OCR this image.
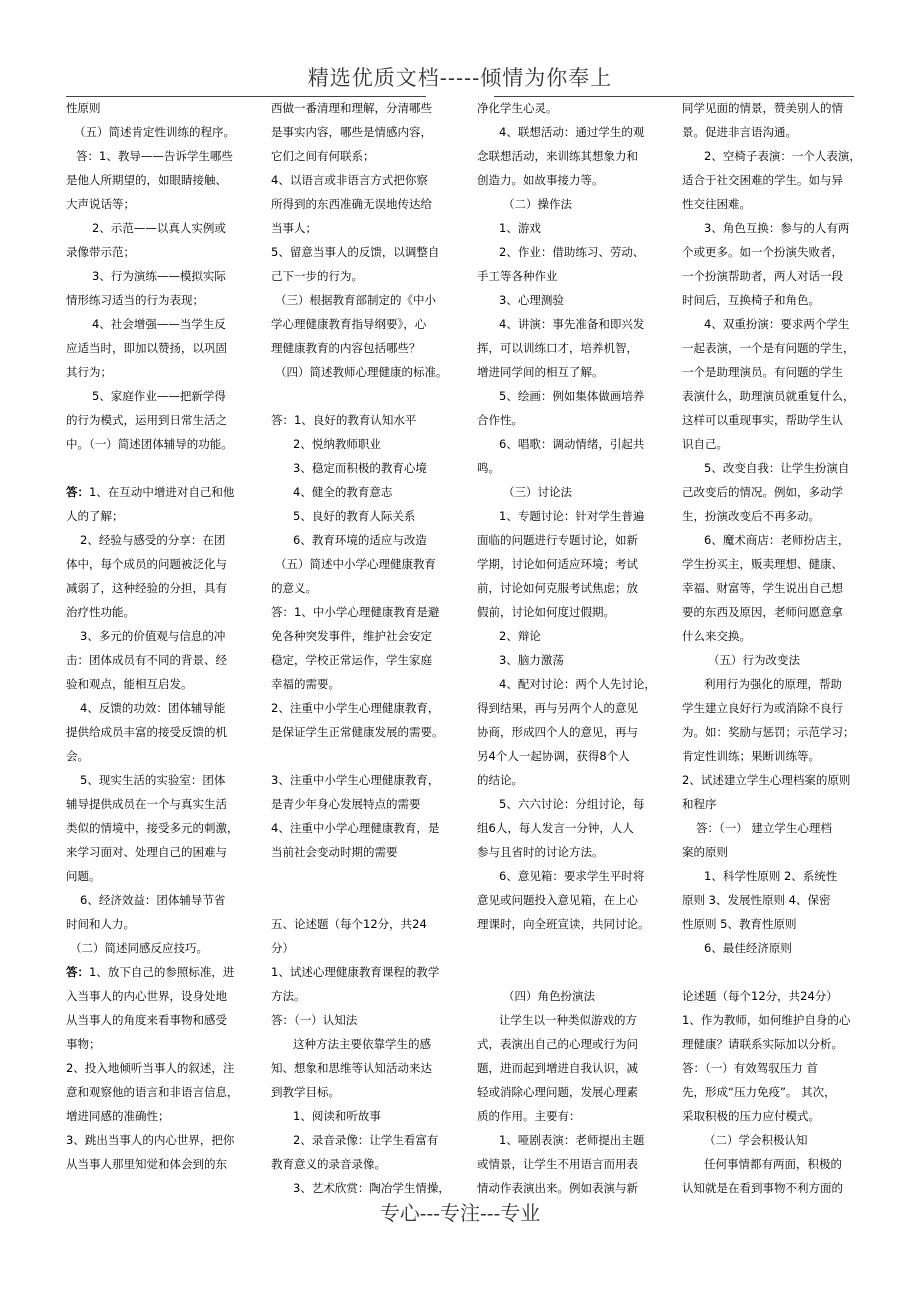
精选优质文档-----倾情为你奉上

性原则

（五）简述肯定性训练的程序。

答：1、教导——告诉学生哪些

是他人所期望的，如眼睛接触、

大声说话等；

2、示范——以真人实例或

录像带示范；

3、行为演练——模拟实际

情形练习适当的行为表现；

4、社会增强——当学生反

应适当时，即加以赞扬，以巩固

其行为；

5、家庭作业——把新学得

的行为模式，运用到日常生活之

中。（一）简述团体辅导的功能。

答：1、在互动中增进对自己和他

人的了解；

2、经验与感受的分享：在团

体中，每个成员的问题被泛化与

减弱了，这种经验的分担，具有

治疗性功能。

3、多元的价值观与信息的冲

击：团体成员有不同的背景、经

验和观点，能相互启发。

4、反馈的功效：团体辅导能

提供给成员丰富的接受反馈的机

会。

5、现实生活的实验室：团体

辅导提供成员在一个与真实生活

类似的情境中，接受多元的刺激，

来学习面对、处理自己的困难与

问题。

6、经济效益：团体辅导节省

时间和人力。

（二）简述同感反应技巧。

答：1、放下自己的参照标准，进

入当事人的内心世界，设身处地

从当事人的角度来看事物和感受

事物；

2、投入地倾听当事人的叙述，注

意和观察他的语言和非语言信息，

增进同感的准确性；

3、跳出当事人的内心世界，把你

从当事人那里知觉和体会到的东

西做一番清理和理解，分清哪些

是事实内容，哪些是情感内容，

它们之间有何联系；

4、以语言或非语言方式把你察

所得到的东西准确无误地传达给

当事人；

5、留意当事人的反馈，以调整自

己下一步的行为。

（三）根据教育部制定的《中小

学心理健康教育指导纲要》，心

理健康教育的内容包括哪些？

（四）简述教师心理健康的标准。

答：1、良好的教育认知水平

2、悦纳教师职业

3、稳定而积极的教育心境

4、健全的教育意志

5、良好的教育人际关系

6、教育环境的适应与改造

（五）简述中小学心理健康教育

的意义。

答：1、中小学心理健康教育是避

免各种突发事件，维护社会安定

稳定，学校正常运作，学生家庭

幸福的需要。

2、注重中小学生心理健康教育，

是保证学生正常健康发展的需要。

3、注重中小学生心理健康教育，

是青少年身心发展特点的需要

4、注重中小学心理健康教育，是

当前社会变动时期的需要

五、论述题（每个12分，共24

分）

1、试述心理健康教育课程的教学

方法。

答：（一）认知法

这种方法主要依靠学生的感

知、想象和思维等认知活动来达

到教学目标。

1、阅读和听故事

2、录音录像：让学生看富有

教育意义的录音录像。

3、艺术欣赏：陶冶学生情操，

净化学生心灵。

4、联想活动：通过学生的观

念联想活动，来训练其想象力和

创造力。如故事接力等。

（二）操作法

1、游戏

2、作业：借助练习、劳动、

手工等各种作业

3、心理测验

4、讲演：事先准备和即兴发

挥，可以训练口才，培养机智，

增进同学间的相互了解。

5、绘画：例如集体做画培养

合作性。

6、唱歌：调动情绪，引起共

鸣。

（三）讨论法

1、专题讨论：针对学生普遍

面临的问题进行专题讨论，如新

学期，讨论如何适应环境；考试

前，讨论如何克服考试焦虑；放

假前，讨论如何度过假期。

2、辩论

3、脑力激荡

4、配对讨论：两个人先讨论，

得到结果，再与另两个人的意见

协商，形成四个人的意见，再与

另4个人一起协调，获得8个人

的结论。

5、六六讨论：分组讨论，每

组6人，每人发言一分钟，人人

参与且省时的讨论方法。

6、意见箱：要求学生平时将

意见或问题投入意见箱，在上心

理课时，向全班宣读，共同讨论。

（四）角色扮演法

让学生以一种类似游戏的方

式，表演出自己的心理或行为问

题，进而起到增进自我认识，减

轻或消除心理问题，发展心理素

质的作用。主要有：

1、哑剧表演：老师提出主题

或情景，让学生不用语言而用表

情动作表演出来。例如表演与新

同学见面的情景，赞美别人的情

景。促进非言语沟通。

2、空椅子表演：一个人表演，

适合于社交困难的学生。如与异

性交往困难。

3、角色互换：参与的人有两

个或更多。如一个扮演失败者，

一个扮演帮助者，两人对话一段

时间后，互换椅子和角色。

4、双重扮演：要求两个学生

一起表演，一个是有问题的学生，

一个是助理演员。有问题的学生

表演什么，助理演员就重复什么，

这样可以重现事实，帮助学生认

识自己。

5、改变自我：让学生扮演自

己改变后的情况。例如，多动学

生，扮演改变后不再多动。

6、魔术商店：老师扮店主，

学生扮买主，贩卖理想、健康、

幸福、财富等，学生说出自己想

要的东西及原因，老师问愿意拿

什么来交换。

（五）行为改变法

利用行为强化的原理，帮助

学生建立良好行为或消除不良行

为。如：奖励与惩罚；示范学习；

肯定性训练；果断训练等。

2、试述建立学生心理档案的原则

和程序

答：（一） 建立学生心理档

案的原则

1、科学性原则 2、系统性

原则 3、发展性原则 4、保密

性原则 5、教育性原则

6、最佳经济原则

论述题（每个12分，共24分）

1、作为教师，如何维护自身的心

理健康？请联系实际加以分析。

答：（一）有效驾驭压力 首

先，形成“压力免疫”。 其次，

采取积极的压力应付模式。

（二）学会积极认知

任何事情都有两面，积极的

认知就是在看到事物不利方面的

专心---专注---专业
